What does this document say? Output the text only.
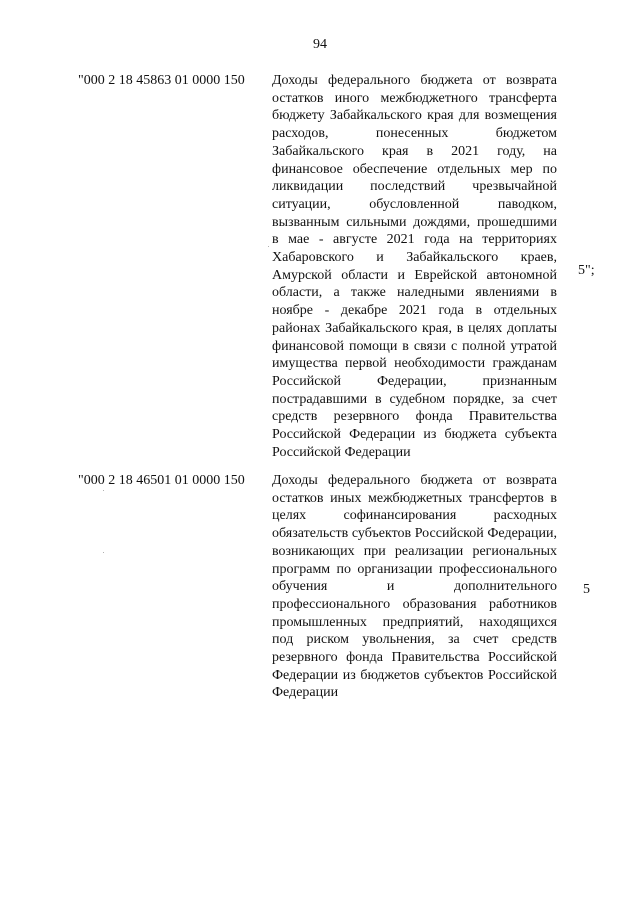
94
"000 2 18 45863 01 0000 150	Доходы федерального бюджета от возврата остатков иного межбюджетного трансферта бюджету Забайкальского края для возмещения расходов, понесенных бюджетом Забайкальского края в 2021 году, на финансовое обеспечение отдельных мер по ликвидации последствий чрезвычайной ситуации, обусловленной паводком, вызванным сильными дождями, прошедшими в мае - августе 2021 года на территориях Хабаровского и Забайкальского краев, Амурской области и Еврейской автономной области, а также наледными явлениями в ноябре - декабре 2021 года в отдельных районах Забайкальского края, в целях доплаты финансовой помощи в связи с полной утратой имущества первой необходимости гражданам Российской Федерации, признанным пострадавшими в судебном порядке, за счет средств резервного фонда Правительства Российской Федерации из бюджета субъекта Российской Федерации
5";
"000 2 18 46501 01 0000 150	Доходы федерального бюджета от возврата остатков иных межбюджетных трансфертов в целях софинансирования расходных обязательств субъектов Российской Федерации, возникающих при реализации региональных программ по организации профессионального обучения и дополнительного профессионального образования работников промышленных предприятий, находящихся под риском увольнения, за счет средств резервного фонда Правительства Российской Федерации из бюджетов субъектов Российской Федерации
5
